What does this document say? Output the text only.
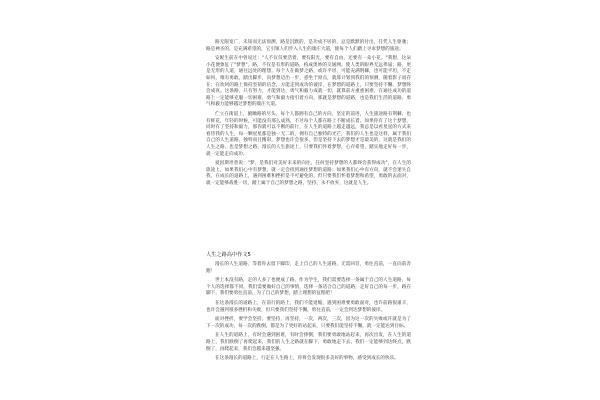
路无限宽广，未知而无法预测，路是沉默的，是功成不居的，总是默默的付出，任凭人生驱驰；路是神圣的，是充满希望的，它引领人们步入人生的康庄大道，使每个人们踏上寻求梦想的旅途。

安妮生前在中曾说过："人不仅仅要活着，要有阳光，要有自由，还要有一朵小花。"我想，这朵小花便象征了"梦想"。路，不仅是有形的道路，构成奥妙的交通网。使人类的眼界无远弗届；路，更是无形的人道，通往远处的理想。每个人在做梦之路，或许平坦，可能充满荆棘，也可能平坦，不走如何，唯有勇敢，踏出脚步，向梦想迈出一步，惑坐于原点，就算计划到我们的预测，随着影子而存在；在坎坷的路上保持坚韧的信念，方能走到成功的彼岸，在梦想的道路上，只要坚持不懈，梦想终会成真。这条路，只有努力，才能到达，勇气和毅力成就一切，就算前方重重困难，在通往成功的道路上一定能够克服一切困难，勇气和毅力指引着方向，那就是梦想的道路，也是我们生活的道路，勇气和毅力能够越过梦想的康庄大道。

伫立在街道上，俯瞰路的尽头，每个人都拥有自己的方向，坚定的前进，人生旅途路有荆棘，也有鲜花，年轻的时候，可能没有那么成熟，不过每个人都在路上不断成长着。如果你有了这个梦想，同时有了坚持和毅力，那你就可以不断的前行，在人生的道路上越走越远，我总是以看星星的方式来看待我的人生，每一颗星星都是独一无二的，拥有自己独特的光芒，我们的人生也是这样，属于我们自己的人生道路，独特而且精彩，梦想也许会很多，但是坚持下去的梦想才是最美的，这就是我们的人生之路，也是梦想之路，漫长的人生旅途上，只要我们怀着梦想，心存希望，踏实地走好每一步，就一定能走向成功。

爱因斯坦曾说："梦，是我们对美好未来的向往，任何坚持梦想的人都终会获得成功"，在人生的旅途上，如果我们心中有梦想，就一定会找到通往梦想的道路；如果我们心中有方向，就不会迷失自我，在成长的道路上，遇到困难和挫折是不可避免的，但只要我们怀着梦想和希望，勇敢的去面对，就一定能够战胜一切，踏上属于自己的梦想之路，坚持、永不放弃，这就是人生。

人生之路高中作文5

漫长的人生道路，等着你去留下脚印，走上自己的人生道路，无需回首，勇往直前，一直向前奔跑！

世上本没有路，走的人多了也便成了路。作为学生，我们需要选择一条属于自己的人生道路，每个人的选择都不同，我们需要做好自己的事情，选择一条适合自己的道路，走好自己的每一步，路在脚下，我们要勇往直前，为了自己的梦想，踏上理想的征程吧！

在这条漫长的道路上，在前行的路上，我们不能退缩，遇到困难要勇敢面对，也许前路很艰辛，也许会遇到很多挫折和失败，但只要我们坚持不懈，勇往直前，一定会到达梦想的彼岸。

面对挫折，要学会坚持，要坚持，再坚持，一次，两次，三次，因为这一次的失败或许就是为了下一次的成功，每一次的跌倒，都是为了更好的站起来，只要我们能坚持不懈，就一定能达到目标。

在人生的道路上，有时会遇到困难，有时会摔倒，我们要勇敢地站起来，再次出发，在人生的道路上，我们跌倒了再爬起来，我们的人生之路就在脚下，勇敢地走下去，我们一定能够到达终点，跌倒了，再爬起来，我们会越来越坚强。

在这条漫长的道路上，行走在人生路上，你将会发现很多美好的事物，感受到成长的快乐。
